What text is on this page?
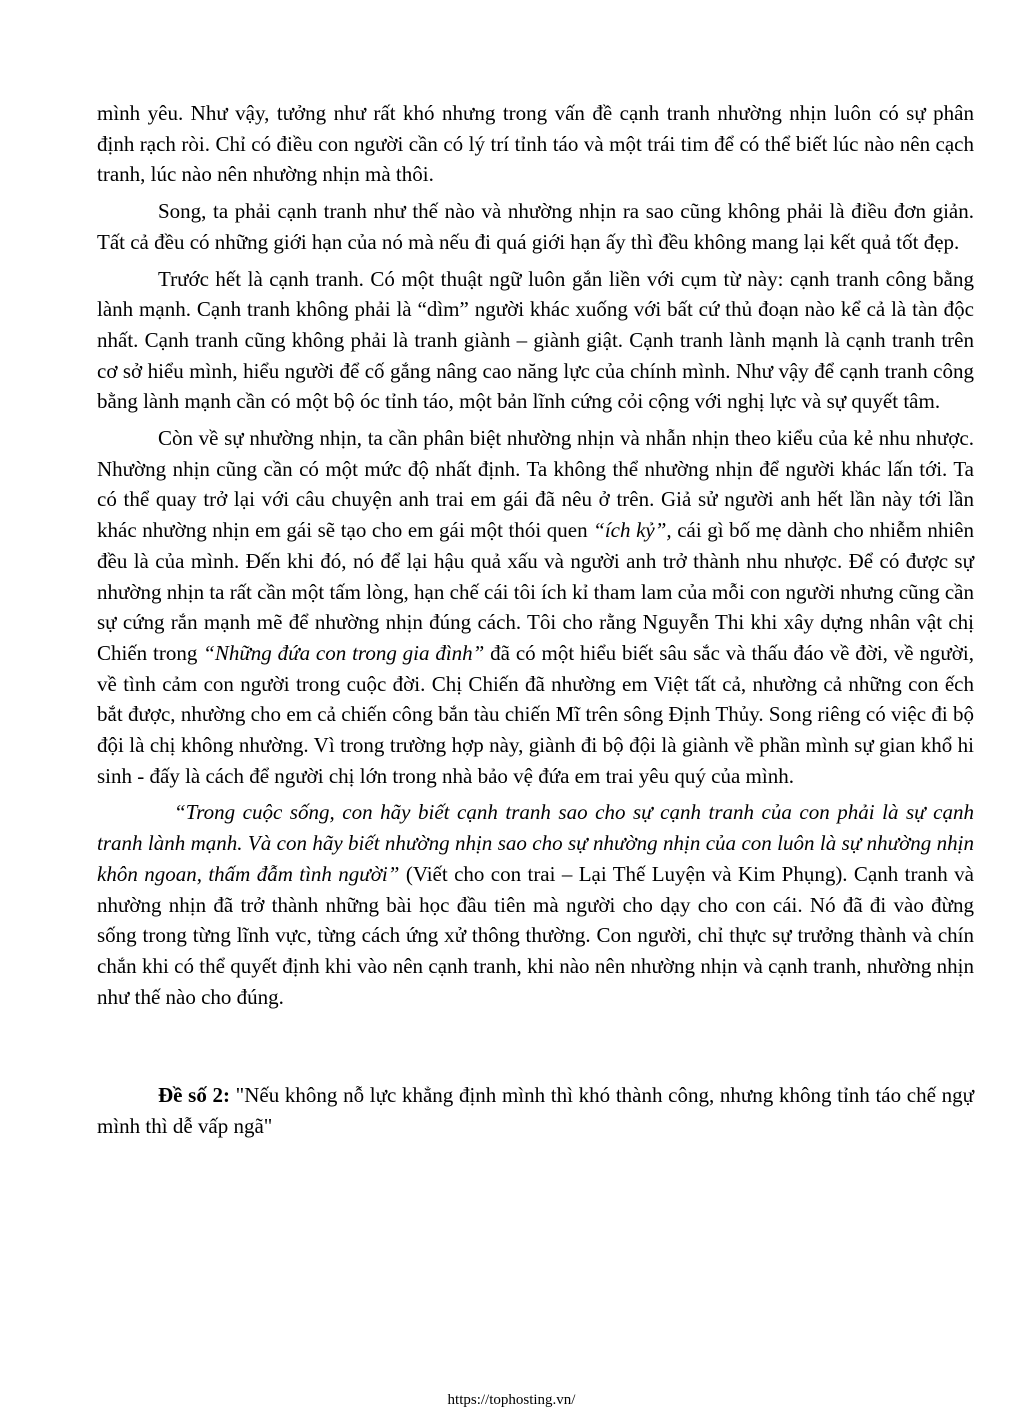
mình yêu. Như vậy, tưởng như rất khó nhưng trong vấn đề cạnh tranh nhường nhịn luôn có sự phân định rạch ròi. Chỉ có điều con người cần có lý trí tỉnh táo và một trái tim để có thể biết lúc nào nên cạch tranh, lúc nào nên nhường nhịn mà thôi.

Song, ta phải cạnh tranh như thế nào và nhường nhịn ra sao cũng không phải là điều đơn giản. Tất cả đều có những giới hạn của nó mà nếu đi quá giới hạn ấy thì đều không mang lại kết quả tốt đẹp.

Trước hết là cạnh tranh. Có một thuật ngữ luôn gắn liền với cụm từ này: cạnh tranh công bằng lành mạnh. Cạnh tranh không phải là “dìm” người khác xuống với bất cứ thủ đoạn nào kể cả là tàn độc nhất. Cạnh tranh cũng không phải là tranh giành – giành giật. Cạnh tranh lành mạnh là cạnh tranh trên cơ sở hiểu mình, hiểu người để cố gắng nâng cao năng lực của chính mình. Như vậy để cạnh tranh công bằng lành mạnh cần có một bộ óc tỉnh táo, một bản lĩnh cứng cỏi cộng với nghị lực và sự quyết tâm.

Còn về sự nhường nhịn, ta cần phân biệt nhường nhịn và nhẫn nhịn theo kiểu của kẻ nhu nhược. Nhường nhịn cũng cần có một mức độ nhất định. Ta không thể nhường nhịn để người khác lấn tới. Ta có thể quay trở lại với câu chuyện anh trai em gái đã nêu ở trên. Giả sử người anh hết lần này tới lần khác nhường nhịn em gái sẽ tạo cho em gái một thói quen “ích kỷ”, cái gì bố mẹ dành cho nhiễm nhiên đều là của mình. Đến khi đó, nó để lại hậu quả xấu và người anh trở thành nhu nhược. Để có được sự nhường nhịn ta rất cần một tấm lòng, hạn chế cái tôi ích kỉ tham lam của mỗi con người nhưng cũng cần sự cứng rắn mạnh mẽ để nhường nhịn đúng cách. Tôi cho rằng Nguyễn Thi khi xây dựng nhân vật chị Chiến trong “Những đứa con trong gia đình” đã có một hiểu biết sâu sắc và thấu đáo về đời, về người, về tình cảm con người trong cuộc đời. Chị Chiến đã nhường em Việt tất cả, nhường cả những con ếch bắt được, nhường cho em cả chiến công bắn tàu chiến Mĩ trên sông Định Thủy. Song riêng có việc đi bộ đội là chị không nhường. Vì trong trường hợp này, giành đi bộ đội là giành về phần mình sự gian khổ hi sinh - đấy là cách để người chị lớn trong nhà bảo vệ đứa em trai yêu quý của mình.

“Trong cuộc sống, con hãy biết cạnh tranh sao cho sự cạnh tranh của con phải là sự cạnh tranh lành mạnh. Và con hãy biết nhường nhịn sao cho sự nhường nhịn của con luôn là sự nhường nhịn khôn ngoan, thấm đẫm tình người” (Viết cho con trai – Lại Thế Luyện và Kim Phụng). Cạnh tranh và nhường nhịn đã trở thành những bài học đầu tiên mà người cho dạy cho con cái. Nó đã đi vào đừng sống trong từng lĩnh vực, từng cách ứng xử thông thường. Con người, chỉ thực sự trưởng thành và chín chắn khi có thể quyết định khi vào nên cạnh tranh, khi nào nên nhường nhịn và cạnh tranh, nhường nhịn như thế nào cho đúng.

Đề số 2: "Nếu không nỗ lực khẳng định mình thì khó thành công, nhưng không tỉnh táo chế ngự mình thì dễ vấp ngã"

https://tophosting.vn/
